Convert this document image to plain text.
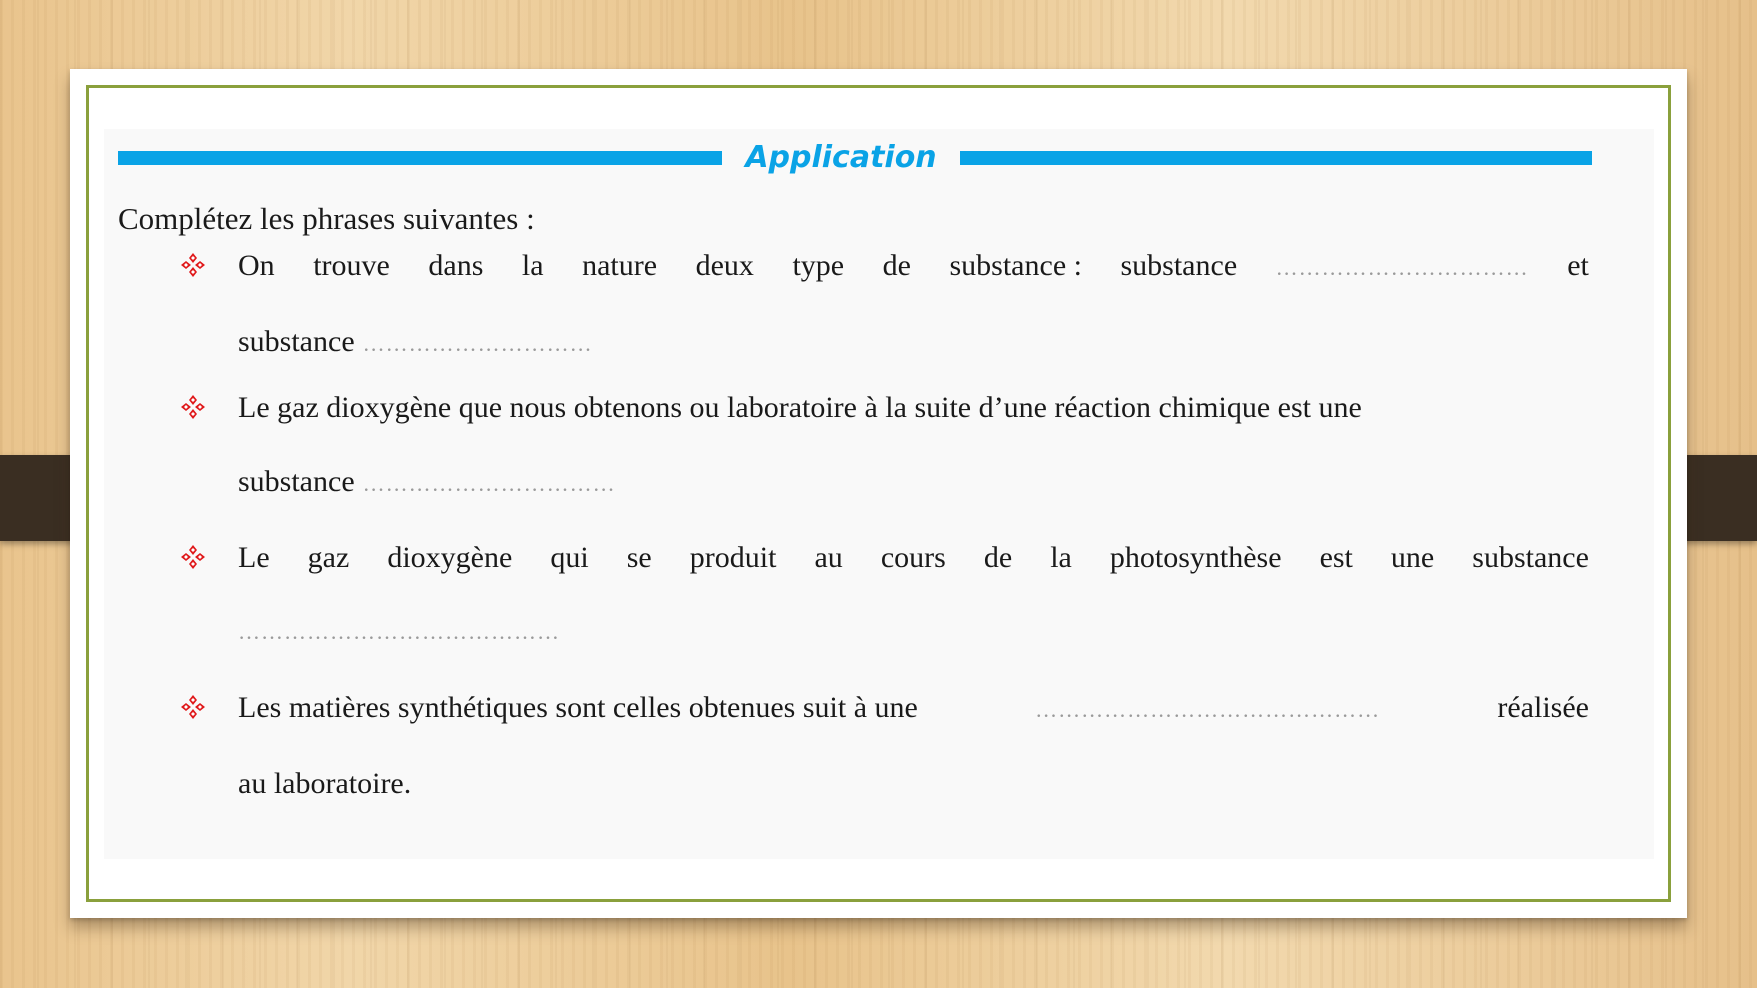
Application
Complétez les phrases suivantes :
On trouve dans la nature deux type de substance : substance …………………………… et
substance …………………………
Le gaz dioxygène que nous obtenons ou laboratoire à la suite d’une réaction chimique est une
substance ……………………………
Le gaz dioxygène qui se produit au cours de la photosynthèse est une substance
……………………………………
Les matières synthétiques sont celles obtenues suit à une	………………………………………	réalisée
au laboratoire.
